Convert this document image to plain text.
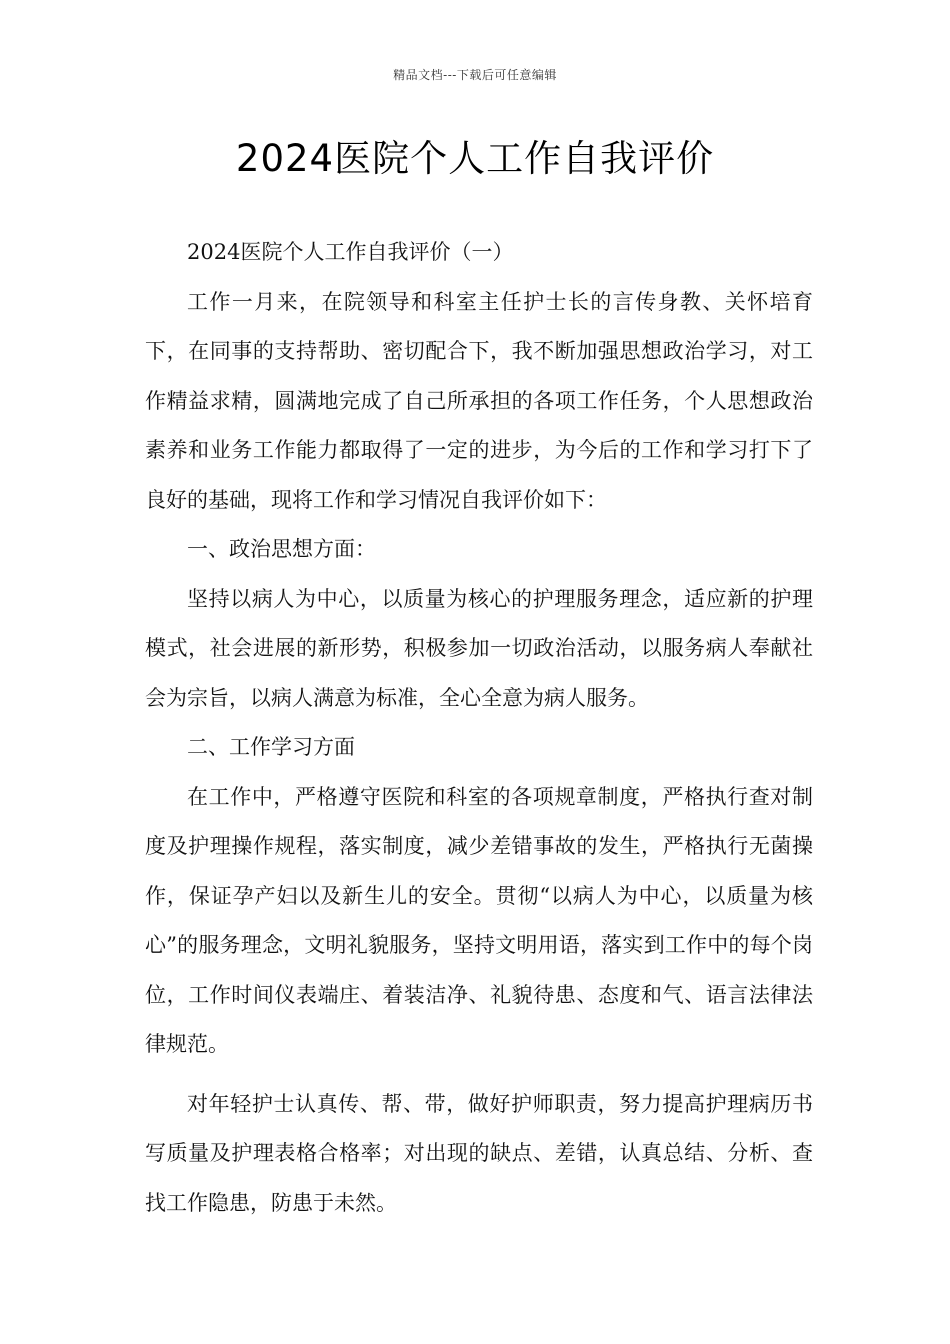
精品文档---下载后可任意编辑
2024医院个人工作自我评价

2024医院个人工作自我评价（一）

工作一月来，在院领导和科室主任护士长的言传身教、关怀培育下，在同事的支持帮助、密切配合下，我不断加强思想政治学习，对工作精益求精，圆满地完成了自己所承担的各项工作任务，个人思想政治素养和业务工作能力都取得了一定的进步，为今后的工作和学习打下了良好的基础，现将工作和学习情况自我评价如下：

一、政治思想方面：

坚持以病人为中心，以质量为核心的护理服务理念，适应新的护理模式，社会进展的新形势，积极参加一切政治活动，以服务病人奉献社会为宗旨，以病人满意为标准，全心全意为病人服务。

二、工作学习方面

在工作中，严格遵守医院和科室的各项规章制度，严格执行查对制度及护理操作规程，落实制度，减少差错事故的发生，严格执行无菌操作，保证孕产妇以及新生儿的安全。贯彻“以病人为中心，以质量为核心”的服务理念，文明礼貌服务，坚持文明用语，落实到工作中的每个岗位，工作时间仪表端庄、着装洁净、礼貌待患、态度和气、语言法律法律规范。

对年轻护士认真传、帮、带，做好护师职责，努力提高护理病历书写质量及护理表格合格率；对出现的缺点、差错，认真总结、分析、查找工作隐患，防患于未然。
